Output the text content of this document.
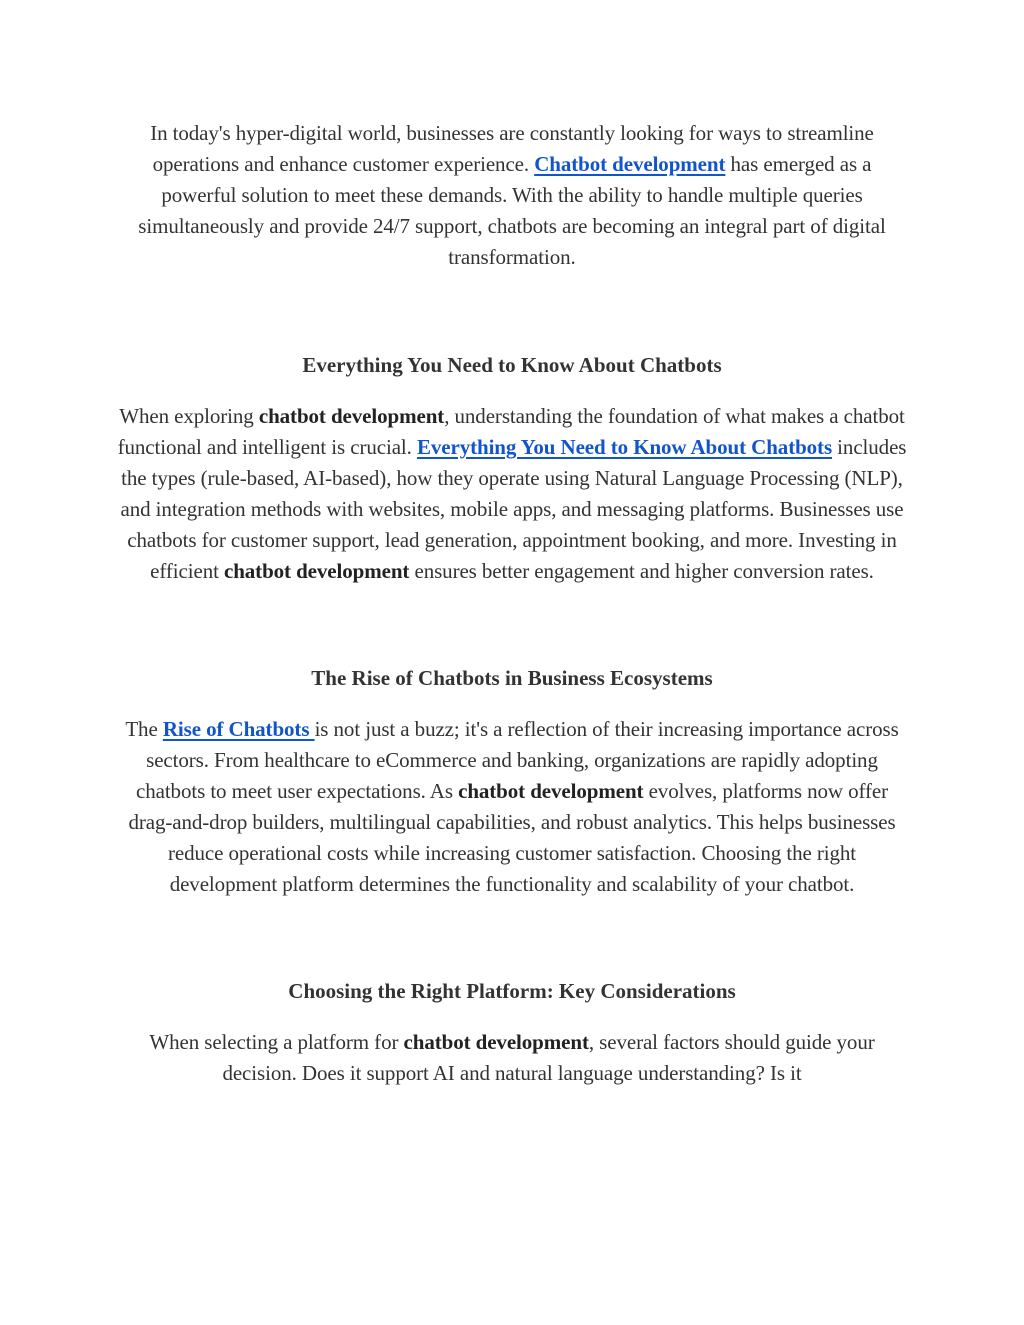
In today's hyper-digital world, businesses are constantly looking for ways to streamline operations and enhance customer experience. Chatbot development has emerged as a powerful solution to meet these demands. With the ability to handle multiple queries simultaneously and provide 24/7 support, chatbots are becoming an integral part of digital transformation.

Everything You Need to Know About Chatbots

When exploring chatbot development, understanding the foundation of what makes a chatbot functional and intelligent is crucial. Everything You Need to Know About Chatbots includes the types (rule-based, AI-based), how they operate using Natural Language Processing (NLP), and integration methods with websites, mobile apps, and messaging platforms. Businesses use chatbots for customer support, lead generation, appointment booking, and more. Investing in efficient chatbot development ensures better engagement and higher conversion rates.

The Rise of Chatbots in Business Ecosystems

The Rise of Chatbots is not just a buzz; it's a reflection of their increasing importance across sectors. From healthcare to eCommerce and banking, organizations are rapidly adopting chatbots to meet user expectations. As chatbot development evolves, platforms now offer drag-and-drop builders, multilingual capabilities, and robust analytics. This helps businesses reduce operational costs while increasing customer satisfaction. Choosing the right development platform determines the functionality and scalability of your chatbot.

Choosing the Right Platform: Key Considerations

When selecting a platform for chatbot development, several factors should guide your decision. Does it support AI and natural language understanding? Is it
